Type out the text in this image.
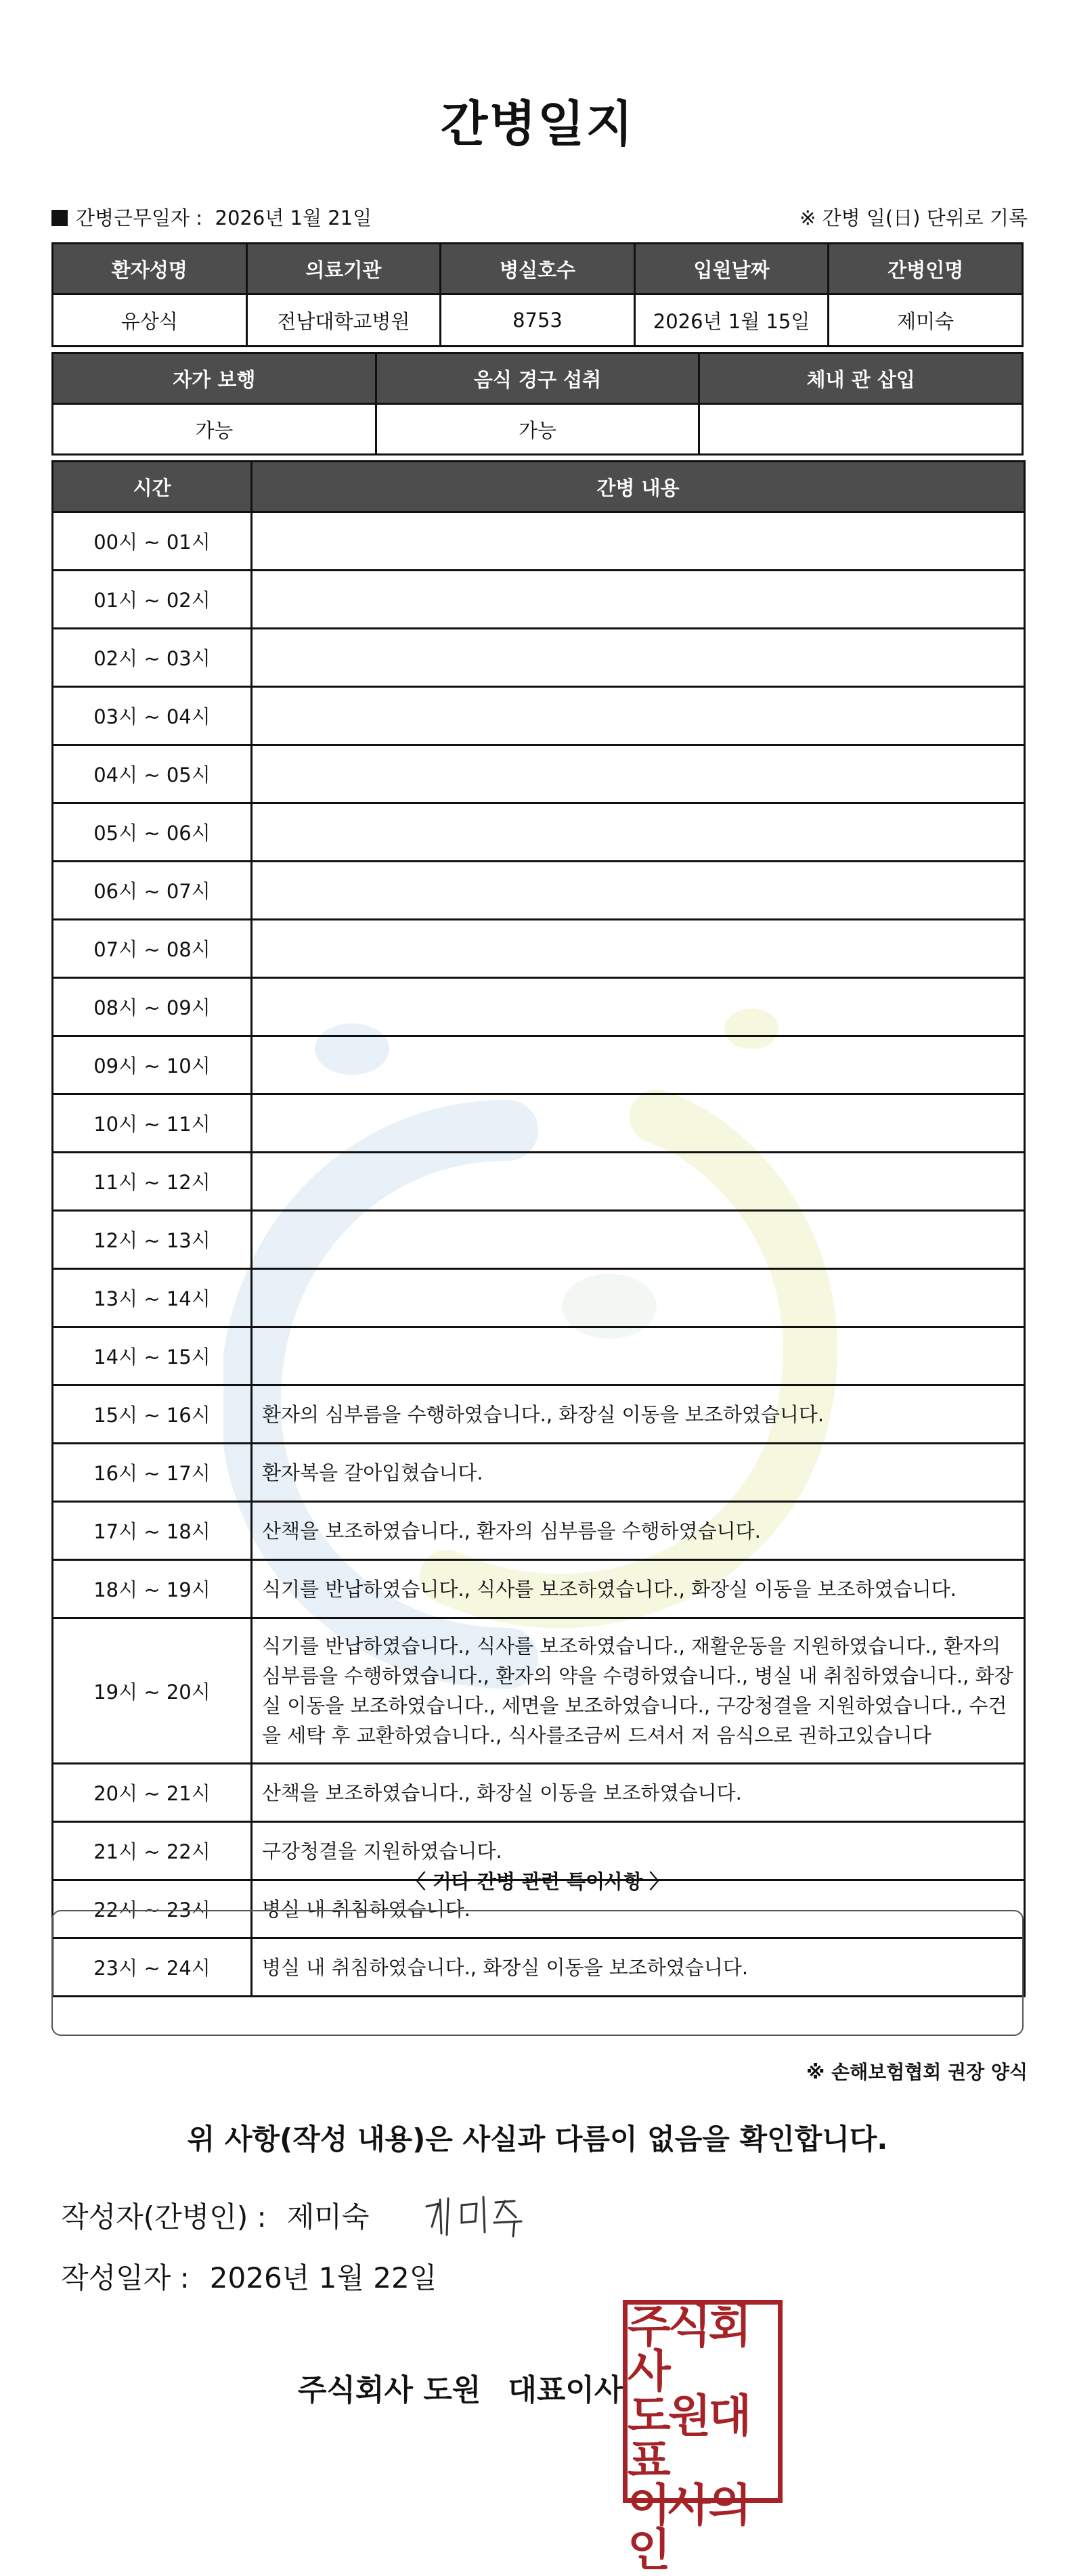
간병일지
간병근무일자 : 2026년 1월 21일	※ 간병 일(日) 단위로 기록
환자성명	의료기관	병실호수	입원날짜	간병인명
유상식	전남대학교병원	8753	2026년 1월 15일	제미숙
자가 보행	음식 경구 섭취	체내 관 삽입
가능	가능	
시간	간병 내용
00시 ~ 01시	
01시 ~ 02시	
02시 ~ 03시	
03시 ~ 04시	
04시 ~ 05시	
05시 ~ 06시	
06시 ~ 07시	
07시 ~ 08시	
08시 ~ 09시	
09시 ~ 10시	
10시 ~ 11시	
11시 ~ 12시	
12시 ~ 13시	
13시 ~ 14시	
14시 ~ 15시	
15시 ~ 16시	환자의 심부름을 수행하였습니다., 화장실 이동을 보조하였습니다.
16시 ~ 17시	환자복을 갈아입혔습니다.
17시 ~ 18시	산책을 보조하였습니다., 환자의 심부름을 수행하였습니다.
18시 ~ 19시	식기를 반납하였습니다., 식사를 보조하였습니다., 화장실 이동을 보조하였습니다.
19시 ~ 20시	식기를 반납하였습니다., 식사를 보조하였습니다., 재활운동을 지원하였습니다., 환자의 심부름을 수행하였습니다., 환자의 약을 수령하였습니다., 병실 내 취침하였습니다., 화장실 이동을 보조하였습니다., 세면을 보조하였습니다., 구강청결을 지원하였습니다., 수건을 세탁 후 교환하였습니다., 식사를조금씨 드셔서 저 음식으로 권하고있습니다
20시 ~ 21시	산책을 보조하였습니다., 화장실 이동을 보조하였습니다.
21시 ~ 22시	구강청결을 지원하였습니다.
22시 ~ 23시	병실 내 취침하였습니다.
23시 ~ 24시	병실 내 취침하였습니다., 화장실 이동을 보조하였습니다.
〈 기타 간병 관련 특이사항 〉
※ 손해보험협회 권장 양식
위 사항(작성 내용)은 사실과 다름이 없음을 확인합니다.
작성자(간병인) : 제미숙
작성일자 : 2026년 1월 22일
주식회사 도원 대표이사
주식회사
도원대표
이사의인
